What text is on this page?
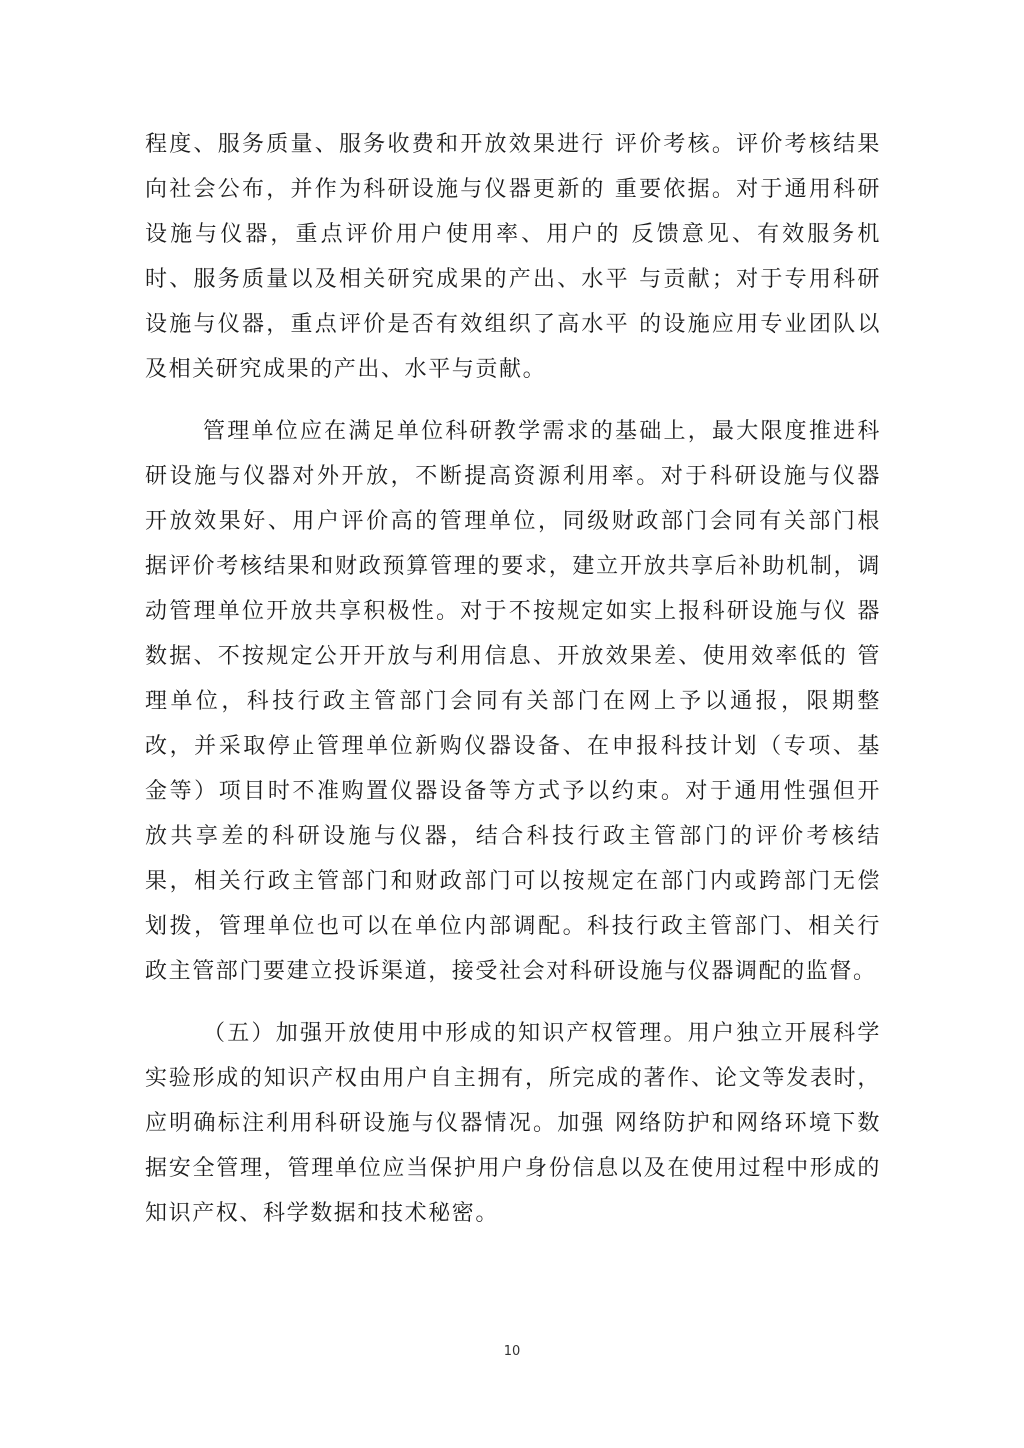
程度、服务质量、服务收费和开放效果进行 评价考核。评价考核结果向社会公布，并作为科研设施与仪器更新的 重要依据。对于通用科研设施与仪器，重点评价用户使用率、用户的 反馈意见、有效服务机时、服务质量以及相关研究成果的产出、水平 与贡献；对于专用科研设施与仪器，重点评价是否有效组织了高水平 的设施应用专业团队以及相关研究成果的产出、水平与贡献。

管理单位应在满足单位科研教学需求的基础上，最大限度推进科研设施与仪器对外开放，不断提高资源利用率。对于科研设施与仪器 开放效果好、用户评价高的管理单位，同级财政部门会同有关部门根 据评价考核结果和财政预算管理的要求，建立开放共享后补助机制，调动管理单位开放共享积极性。对于不按规定如实上报科研设施与仪 器数据、不按规定公开开放与利用信息、开放效果差、使用效率低的 管理单位，科技行政主管部门会同有关部门在网上予以通报，限期整 改，并采取停止管理单位新购仪器设备、在申报科技计划（专项、基 金等）项目时不准购置仪器设备等方式予以约束。对于通用性强但开 放共享差的科研设施与仪器，结合科技行政主管部门的评价考核结 果，相关行政主管部门和财政部门可以按规定在部门内或跨部门无偿 划拨，管理单位也可以在单位内部调配。科技行政主管部门、相关行 政主管部门要建立投诉渠道，接受社会对科研设施与仪器调配的监督。

（五）加强开放使用中形成的知识产权管理。用户独立开展科学实验形成的知识产权由用户自主拥有，所完成的著作、论文等发表时，应明确标注利用科研设施与仪器情况。加强 网络防护和网络环境下数据安全管理，管理单位应当保护用户身份信息以及在使用过程中形成的知识产权、科学数据和技术秘密。

10
